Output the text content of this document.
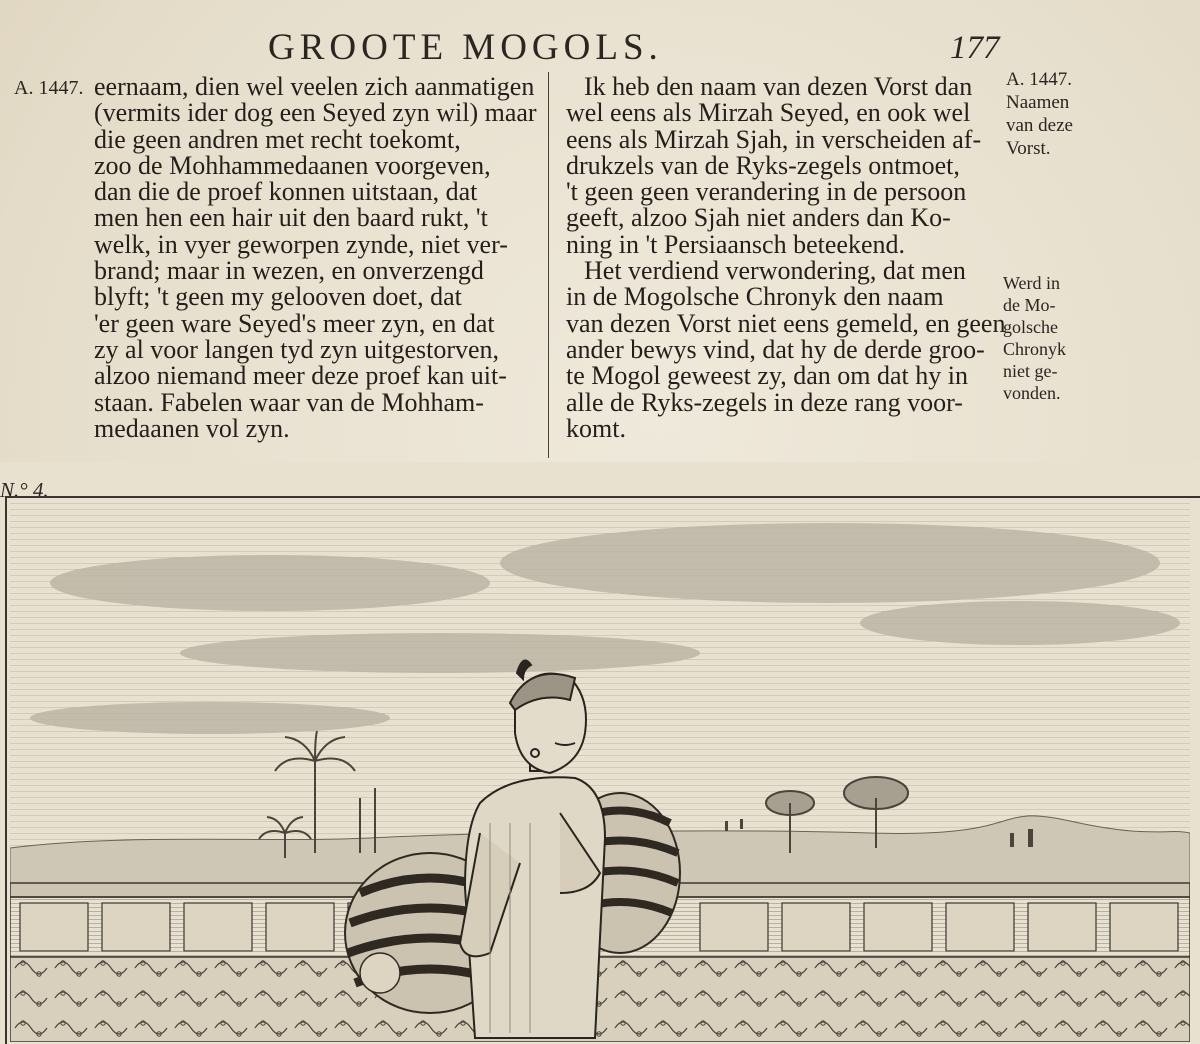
GROOTE MOGOLS.	177
A. 1447.	A. 1447.
Naamen
van deze
Vorst.
Werd in
de Mo-
golsche
Chronyk
niet ge-
vonden.

eernaam, dien wel veelen zich aanmatigen

(vermits ider dog een Seyed zyn wil) maar

die geen andren met recht toekomt,

zoo de Mohhammedaanen voorgeven,

dan die de proef konnen uitstaan, dat

men hen een hair uit den baard rukt, 't

welk, in vyer geworpen zynde, niet ver-

brand; maar in wezen, en onverzengd

blyft; 't geen my gelooven doet, dat

'er geen ware Seyed's meer zyn, en dat

zy al voor langen tyd zyn uitgestorven,

alzoo niemand meer deze proef kan uit-

staan. Fabelen waar van de Mohham-

medaanen vol zyn.

Ik heb den naam van dezen Vorst dan

wel eens als Mirzah Seyed, en ook wel

eens als Mirzah Sjah, in verscheiden af-

drukzels van de Ryks-zegels ontmoet,

't geen geen verandering in de persoon

geeft, alzoo Sjah niet anders dan Ko-

ning in 't Persiaansch beteekend.

Het verdiend verwondering, dat men

in de Mogolsche Chronyk den naam

van dezen Vorst niet eens gemeld, en geen

ander bewys vind, dat hy de derde groo-

te Mogol geweest zy, dan om dat hy in

alle de Ryks-zegels in deze rang voor-

komt.

N.° 4.
